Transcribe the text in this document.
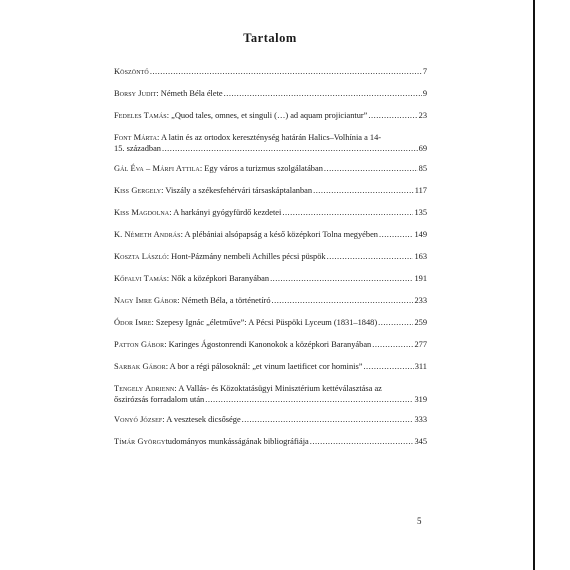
Tartalom
Köszöntő .....	7
Borsy Judit : Németh Béla élete .....	9
Fedeles Tamás : „Quod tales, omnes, et singuli (…) ad aquam projiciantur” .....	23
Font Márta: A latin és az ortodox kereszténység határán Halics–Volhínia a 14-
15. században .....	69
Gál Éva – Márfi Attila : Egy város a turizmus szolgálatában .....	85
Kiss Gergely : Viszály a székesfehérvári társaskáptalanban .....	117
Kiss Magdolna : A harkányi gyógyfürdő kezdetei .....	135
K. Németh András : A plébániai alsópapság a késő középkori Tolna megyében .....	149
Koszta László : Hont-Pázmány nembeli Achilles pécsi püspök .....	163
Kőfalvi Tamás : Nők a középkori Baranyában .....	191
Nagy Imre Gábor : Németh Béla, a történetíró .....	233
Ódor Imre : Szepesy Ignác „életműve”: A Pécsi Püspöki Lyceum (1831–1848) .....	259
Patton Gábor : Karinges Ágostonrendi Kanonokok a középkori Baranyában .....	277
Sarbak Gábor : A bor a régi pálosoknál: „et vinum laetificet cor hominis” .....	311
Tengely Adrienn: A Vallás- és Közoktatásügyi Minisztérium kettéválasztása az
őszirózsás forradalom után .....	319
Vonyó József : A vesztesek dicsősége .....	333
Tímár György tudományos munkásságának bibliográfiája .....	345
5
